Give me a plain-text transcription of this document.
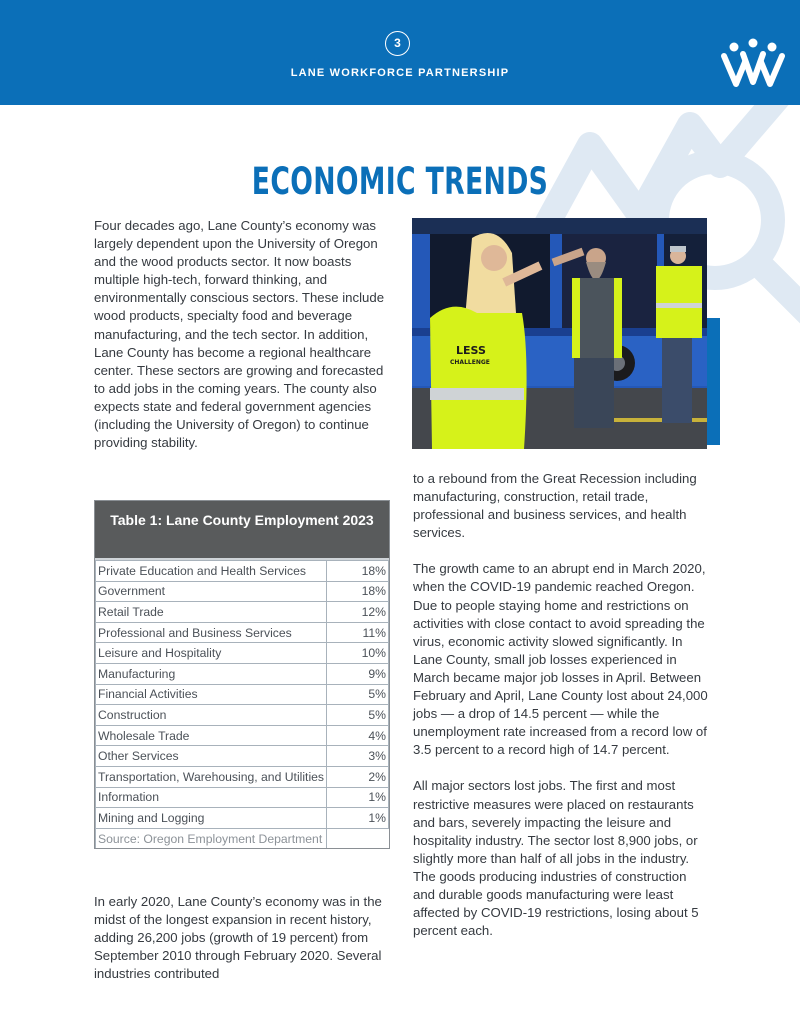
3
LANE WORKFORCE PARTNERSHIP
ECONOMIC TRENDS

Four decades ago, Lane County’s economy was largely dependent upon the University of Oregon and the wood products sector. It now boasts multiple high-tech, forward thinking, and environmentally conscious sectors. These include wood products, specialty food and beverage manufacturing, and the tech sector. In addition, Lane County has become a regional healthcare center. These sectors are growing and forecasted to add jobs in the coming years. The county also expects state and federal government agencies (including the University of Oregon) to continue providing stability.

LESS
CHALLENGE
Table 1: Lane County Employment 2023
Private Education and Health Services	18%
Government	18%
Retail Trade	12%
Professional and Business Services	11%
Leisure and Hospitality	10%
Manufacturing	9%
Financial Activities	5%
Construction	5%
Wholesale Trade	4%
Other Services	3%
Transportation, Warehousing, and Utilities	2%
Information	1%
Mining and Logging	1%
Source: Oregon Employment Department	

In early 2020, Lane County’s economy was in the midst of the longest expansion in recent history, adding 26,200 jobs (growth of 19 percent) from September 2010 through February 2020. Several industries contributed

to a rebound from the Great Recession including manufacturing, construction, retail trade, professional and business services, and health services.

The growth came to an abrupt end in March 2020, when the COVID-19 pandemic reached Oregon. Due to people staying home and restrictions on activities with close contact to avoid spreading the virus, economic activity slowed significantly. In Lane County, small job losses experienced in March became major job losses in April. Between February and April, Lane County lost about 24,000 jobs — a drop of 14.5 percent — while the unemployment rate increased from a record low of 3.5 percent to a record high of 14.7 percent.

All major sectors lost jobs. The first and most restrictive measures were placed on restaurants and bars, severely impacting the leisure and hospitality industry. The sector lost 8,900 jobs, or slightly more than half of all jobs in the industry. The goods producing industries of construction and durable goods manufacturing were least affected by COVID-19 restrictions, losing about 5 percent each.
